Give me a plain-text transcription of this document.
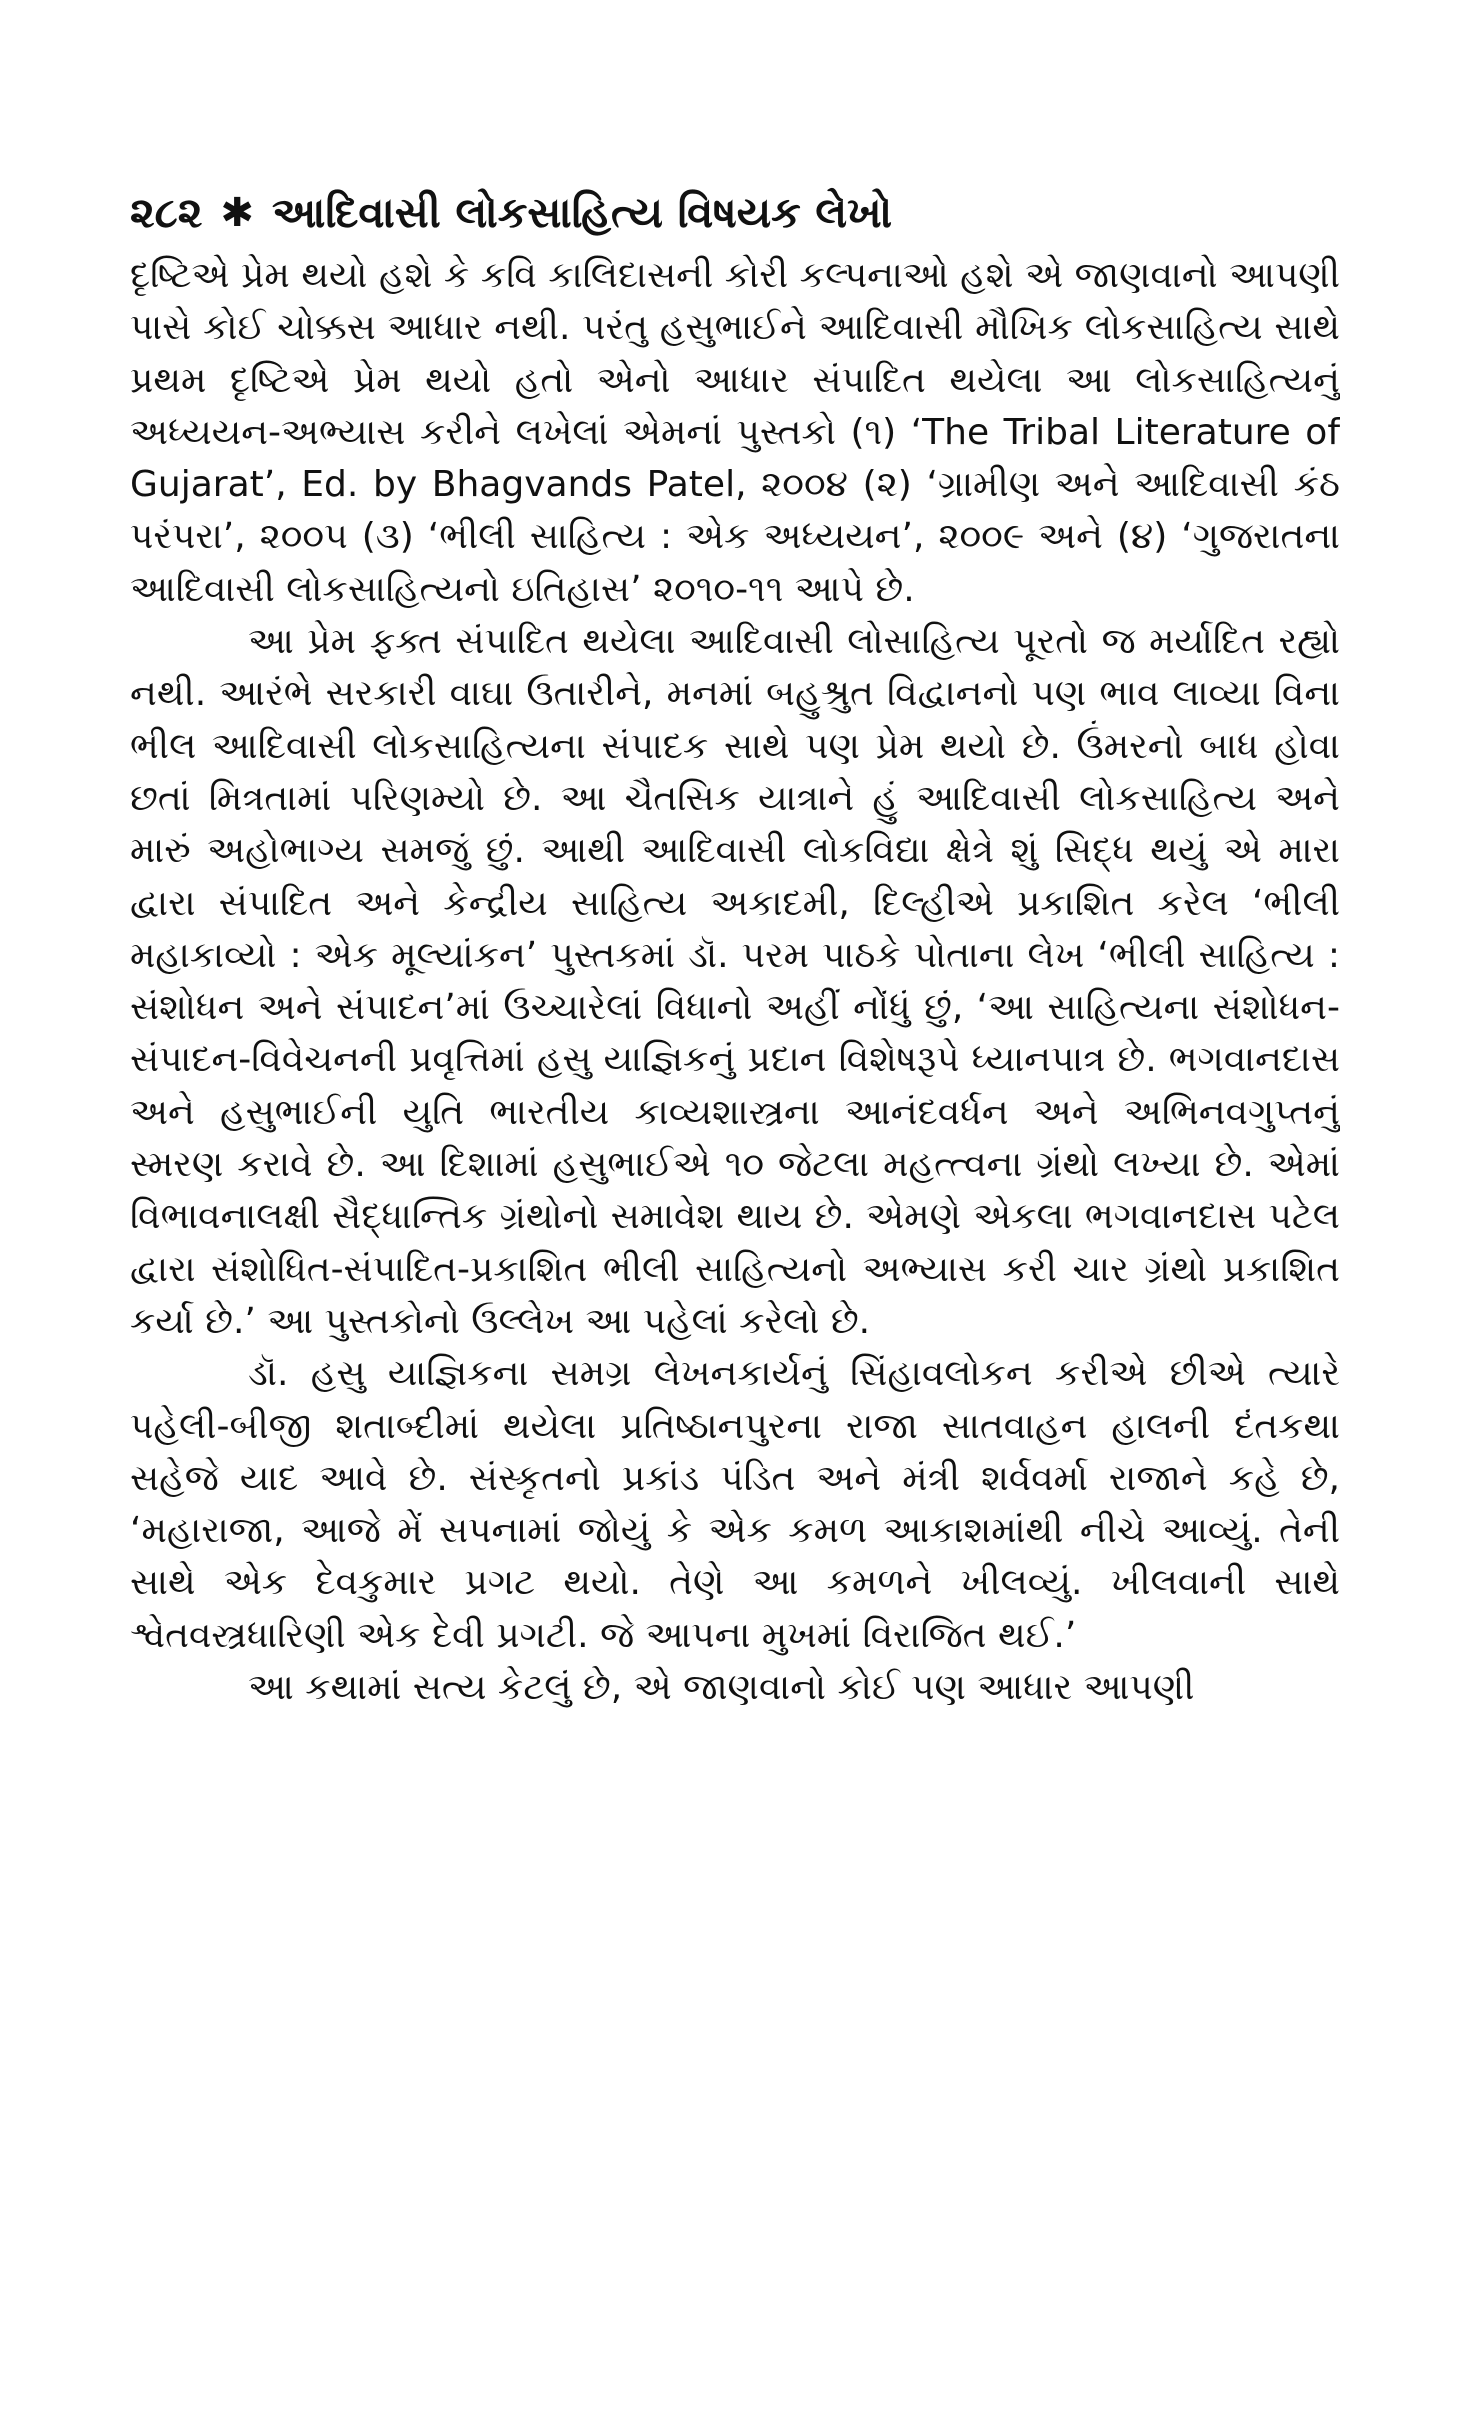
૨૮૨ ✱ આદિવાસી લોકસાહિત્ય વિષયક લેખો

દૃષ્ટિએ પ્રેમ થયો હશે કે કવિ કાલિદાસની કોરી કલ્પનાઓ હશે એ જાણવાનો આપણી પાસે કોઈ ચોક્કસ આધાર નથી. પરંતુ હસુભાઈને આદિવાસી મૌખિક લોકસાહિત્ય સાથે પ્રથમ દૃષ્ટિએ પ્રેમ થયો હતો એનો આધાર સંપાદિત થયેલા આ લોકસાહિત્યનું અધ્યયન-અભ્યાસ કરીને લખેલાં એમનાં પુસ્તકો (૧) ‘The Tribal Literature of Gujarat’, Ed. by Bhagvands Patel, ૨૦૦૪ (૨) ‘ગ્રામીણ અને આદિવાસી કંઠ પરંપરા’, ૨૦૦૫ (૩) ‘ભીલી સાહિત્ય : એક અધ્યયન’, ૨૦૦૯ અને (૪) ‘ગુજરાતના આદિવાસી લોકસાહિત્યનો ઇતિહાસ’ ૨૦૧૦-૧૧ આપે છે.

આ પ્રેમ ફક્ત સંપાદિત થયેલા આદિવાસી લોસાહિત્ય પૂરતો જ મર્યાદિત રહ્યો નથી. આરંભે સરકારી વાઘા ઉતારીને, મનમાં બહુશ્રુત વિદ્વાનનો પણ ભાવ લાવ્યા વિના ભીલ આદિવાસી લોકસાહિત્યના સંપાદક સાથે પણ પ્રેમ થયો છે. ઉંમરનો બાધ હોવા છતાં મિત્રતામાં પરિણમ્યો છે. આ ચૈતસિક યાત્રાને હું આદિવાસી લોકસાહિત્ય અને મારું અહોભાગ્ય સમજું છું. આથી આદિવાસી લોકવિદ્યા ક્ષેત્રે શું સિદ્ધ થયું એ મારા દ્વારા સંપાદિત અને કેન્દ્રીય સાહિત્ય અકાદમી, દિલ્હીએ પ્રકાશિત કરેલ ‘ભીલી મહાકાવ્યો : એક મૂલ્યાંકન’ પુસ્તકમાં ડૉ. પરમ પાઠકે પોતાના લેખ ‘ભીલી સાહિત્ય : સંશોધન અને સંપાદન’માં ઉચ્ચારેલાં વિધાનો અહીં નોંધું છું, ‘આ સાહિત્યના સંશોધન-સંપાદન-વિવેચનની પ્રવૃત્તિમાં હસુ યાજ્ઞિકનું પ્રદાન વિશેષરૂપે ધ્યાનપાત્ર છે. ભગવાનદાસ અને હસુભાઈની યુતિ ભારતીય કાવ્યશાસ્ત્રના આનંદવર્ધન અને અભિનવગુપ્તનું સ્મરણ કરાવે છે. આ દિશામાં હસુભાઈએ ૧૦ જેટલા મહત્ત્વના ગ્રંથો લખ્યા છે. એમાં વિભાવનાલક્ષી સૈદ્ધાન્તિક ગ્રંથોનો સમાવેશ થાય છે. એમણે એકલા ભગવાનદાસ પટેલ દ્વારા સંશોધિત-સંપાદિત-પ્રકાશિત ભીલી સાહિત્યનો અભ્યાસ કરી ચાર ગ્રંથો પ્રકાશિત કર્યા છે.’ આ પુસ્તકોનો ઉલ્લેખ આ પહેલાં કરેલો છે.

ડૉ. હસુ યાજ્ઞિકના સમગ્ર લેખનકાર્યનું સિંહાવલોકન કરીએ છીએ ત્યારે પહેલી-બીજી શતાબ્દીમાં થયેલા પ્રતિષ્ઠાનપુરના રાજા સાતવાહન હાલની દંતકથા સહેજે યાદ આવે છે. સંસ્કૃતનો પ્રકાંડ પંડિત અને મંત્રી શર્વવર્મા રાજાને કહે છે, ‘મહારાજા, આજે મેં સપનામાં જોયું કે એક કમળ આકાશમાંથી નીચે આવ્યું. તેની સાથે એક દેવકુમાર પ્રગટ થયો. તેણે આ કમળને ખીલવ્યું. ખીલવાની સાથે શ્વેતવસ્ત્રધારિણી એક દેવી પ્રગટી. જે આપના મુખમાં વિરાજિત થઈ.’

આ કથામાં સત્ય કેટલું છે, એ જાણવાનો કોઈ પણ આધાર આપણી
